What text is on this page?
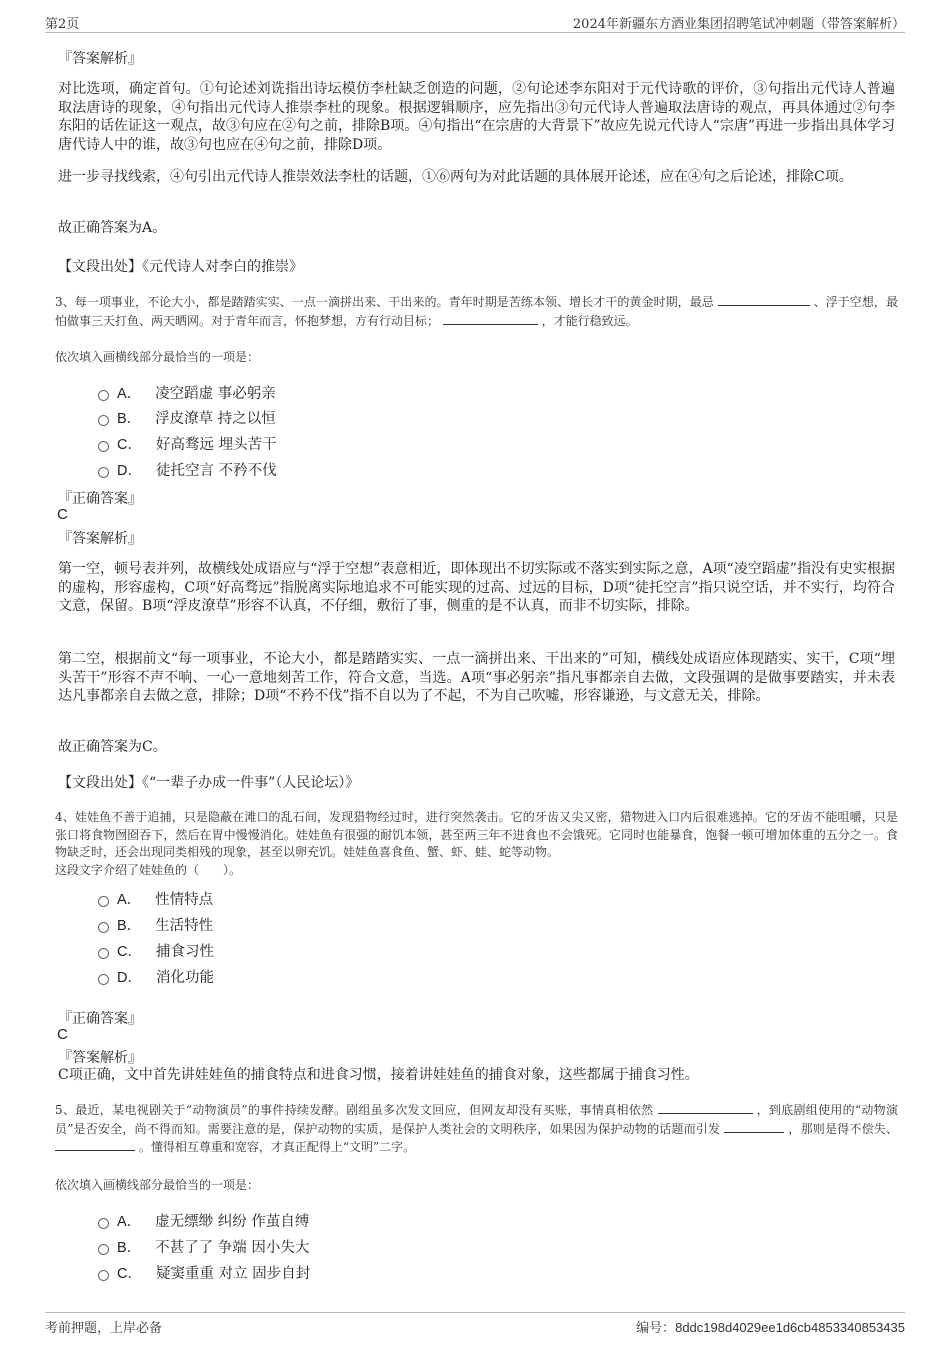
第2页	2024年新疆东方酒业集团招聘笔试冲刺题（带答案解析）
『答案解析』
对比选项，确定首句。①句论述刘诜指出诗坛模仿李杜缺乏创造的问题，②句论述李东阳对于元代诗歌的评价，③句指出元代诗人普遍取法唐诗的现象，④句指出元代诗人推崇李杜的现象。根据逻辑顺序，应先指出③句元代诗人普遍取法唐诗的观点，再具体通过②句李东阳的话佐证这一观点，故③句应在②句之前，排除B项。④句指出“在宗唐的大背景下”故应先说元代诗人“宗唐”再进一步指出具体学习唐代诗人中的谁，故③句也应在④句之前，排除D项。
进一步寻找线索，④句引出元代诗人推崇效法李杜的话题，①⑥两句为对此话题的具体展开论述，应在④句之后论述，排除C项。
故正确答案为A。
【文段出处】《元代诗人对李白的推崇》
3、每一项事业，不论大小，都是踏踏实实、一点一滴拼出来、干出来的。青年时期是苦练本领、增长才干的黄金时期，最忌	、浮于空想，最怕做事三天打鱼、两天晒网。对于青年而言，怀抱梦想，方有行动目标；	，才能行稳致远。
依次填入画横线部分最恰当的一项是：
A． 凌空蹈虚 事必躬亲
B． 浮皮潦草 持之以恒
C． 好高骛远 埋头苦干
D． 徒托空言 不矜不伐
『正确答案』
C
『答案解析』
第一空，顿号表并列，故横线处成语应与“浮于空想”表意相近，即体现出不切实际或不落实到实际之意，A项“凌空蹈虚”指没有史实根据的虚构，形容虚构，C项“好高骛远”指脱离实际地追求不可能实现的过高、过远的目标，D项“徒托空言”指只说空话，并不实行，均符合文意，保留。B项“浮皮潦草”形容不认真，不仔细，敷衍了事，侧重的是不认真，而非不切实际，排除。
第二空，根据前文“每一项事业，不论大小，都是踏踏实实、一点一滴拼出来、干出来的”可知，横线处成语应体现踏实、实干，C项“埋头苦干”形容不声不响、一心一意地刻苦工作，符合文意，当选。A项“事必躬亲”指凡事都亲自去做，文段强调的是做事要踏实，并未表达凡事都亲自去做之意，排除；D项“不矜不伐”指不自以为了不起，不为自己吹嘘，形容谦逊，与文意无关，排除。
故正确答案为C。
【文段出处】《“一辈子办成一件事”（人民论坛）》
4、娃娃鱼不善于追捕，只是隐蔽在滩口的乱石间，发现猎物经过时，进行突然袭击。它的牙齿又尖又密，猎物进入口内后很难逃掉。它的牙齿不能咀嚼，只是张口将食物囫囵吞下，然后在胃中慢慢消化。娃娃鱼有很强的耐饥本领，甚至两三年不进食也不会饿死。它同时也能暴食，饱餐一顿可增加体重的五分之一。食物缺乏时，还会出现同类相残的现象，甚至以卵充饥。娃娃鱼喜食鱼、蟹、虾、蛙、蛇等动物。
这段文字介绍了娃娃鱼的（　　）。
A． 性情特点
B． 生活特性
C． 捕食习性
D． 消化功能
『正确答案』
C
『答案解析』
C项正确，文中首先讲娃娃鱼的捕食特点和进食习惯，接着讲娃娃鱼的捕食对象，这些都属于捕食习性。
5、最近，某电视剧关于“动物演员”的事件持续发酵。剧组虽多次发文回应，但网友却没有买账，事情真相依然	，到底剧组使用的“动物演员”是否安全，尚不得而知。需要注意的是，保护动物的实质，是保护人类社会的文明秩序，如果因为保护动物的话题而引发	，那则是得不偿失、  。懂得相互尊重和宽容，才真正配得上“文明”二字。
依次填入画横线部分最恰当的一项是：
A． 虚无缥缈 纠纷 作茧自缚
B． 不甚了了 争端 因小失大
C． 疑窦重重 对立 固步自封
考前押题，上岸必备	编号：8ddc198d4029ee1d6cb4853340853435
